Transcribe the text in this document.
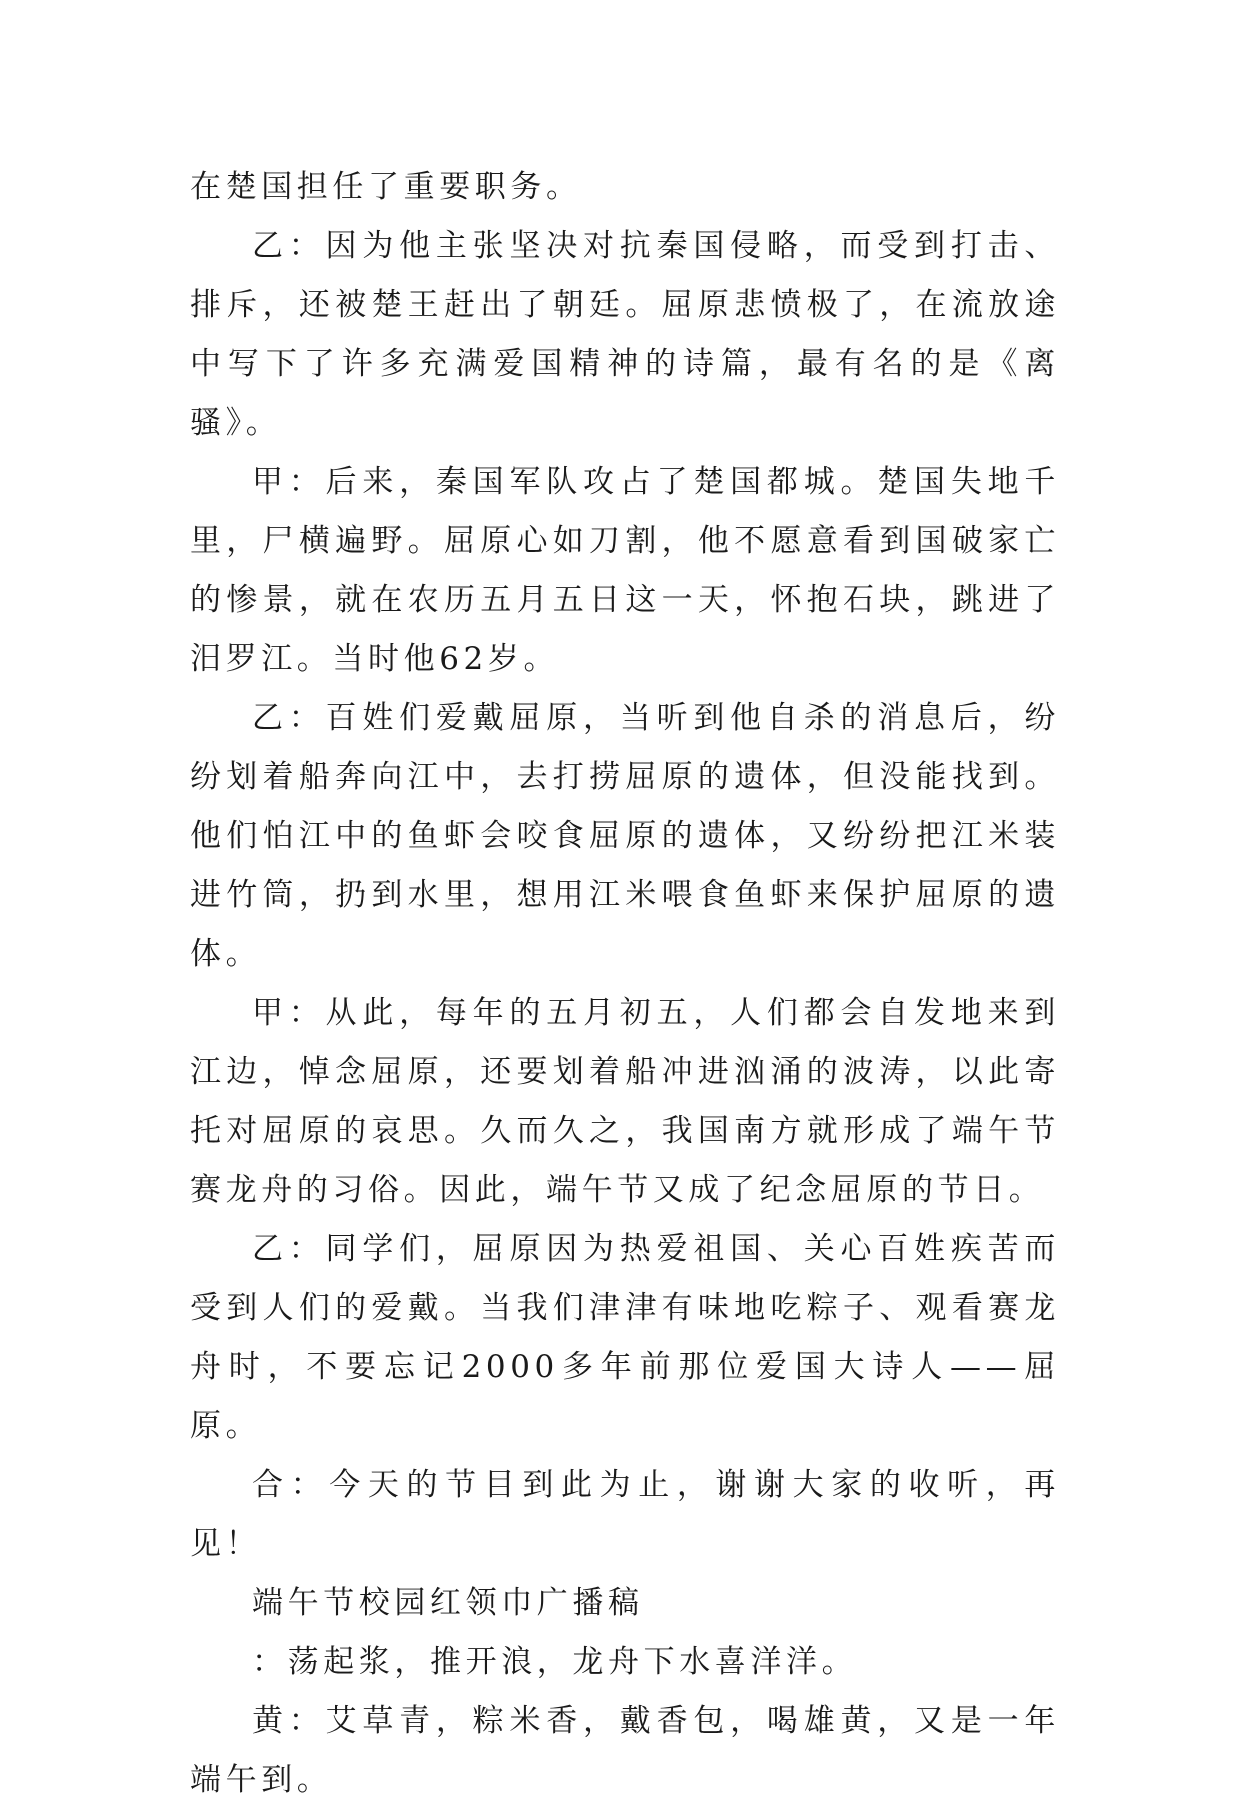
在楚国担任了重要职务。

乙：因为他主张坚决对抗秦国侵略，而受到打击、排斥，还被楚王赶出了朝廷。屈原悲愤极了，在流放途中写下了许多充满爱国精神的诗篇，最有名的是《离骚》。

甲：后来，秦国军队攻占了楚国都城。楚国失地千里，尸横遍野。屈原心如刀割，他不愿意看到国破家亡的惨景，就在农历五月五日这一天，怀抱石块，跳进了汨罗江。当时他62岁。

乙：百姓们爱戴屈原，当听到他自杀的消息后，纷纷划着船奔向江中，去打捞屈原的遗体，但没能找到。他们怕江中的鱼虾会咬食屈原的遗体，又纷纷把江米装进竹筒，扔到水里，想用江米喂食鱼虾来保护屈原的遗体。

甲：从此，每年的五月初五，人们都会自发地来到江边，悼念屈原，还要划着船冲进汹涌的波涛，以此寄托对屈原的哀思。久而久之，我国南方就形成了端午节赛龙舟的习俗。因此，端午节又成了纪念屈原的节日。

乙：同学们，屈原因为热爱祖国、关心百姓疾苦而受到人们的爱戴。当我们津津有味地吃粽子、观看赛龙舟时，不要忘记2000多年前那位爱国大诗人——屈原。

合：今天的节目到此为止，谢谢大家的收听，再见！

端午节校园红领巾广播稿

：荡起浆，推开浪，龙舟下水喜洋洋。

黄：艾草青，粽米香，戴香包，喝雄黄，又是一年端午到。
